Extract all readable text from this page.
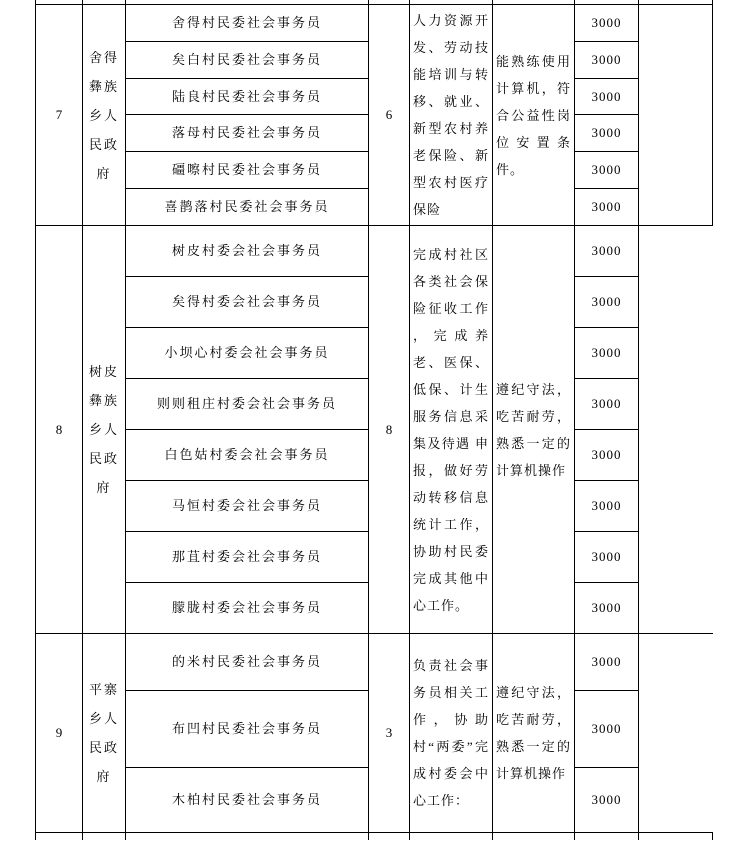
7	舍得彝族乡人民政府	舍得村民委社会事务员	6	人力资源开发、劳动技能培训与转移、就业、新型农村养老保险、新型农村医疗保险	能熟练使用计算机，符合公益性岗位安置条件。	3000	
		矣白村民委社会事务员				3000	
		陆良村民委社会事务员				3000	
		落母村民委社会事务员				3000	
		礓嚓村民委社会事务员				3000	
		喜鹊落村民委社会事务员				3000	
8	树皮彝族乡人民政府	树皮村委会社会事务员	8	完成村社区各类社会保险征收工作 ，完成养老、医保、低保、计生服务信息采集及待遇 申报，做好劳动转移信息统计工作，协助村民委完成其他中心工作。	遵纪守法，吃苦耐劳，熟悉一定的计算机操作	3000	
		矣得村委会社会事务员				3000	
		小坝心村委会社会事务员				3000	
		则则租庄村委会社会事务员				3000	
		白色姑村委会社会事务员				3000	
		马恒村委会社会事务员				3000	
		那苴村委会社会事务员				3000	
		朦胧村委会社会事务员				3000	
9	平寨乡人民政府	的米村民委社会事务员	3	负责社会事务员相关工作，协助村“两委”完成村委会中心工作：	遵纪守法，吃苦耐劳，熟悉一定的计算机操作	3000	
		布凹村民委社会事务员				3000	
		木柏村民委社会事务员				3000	
